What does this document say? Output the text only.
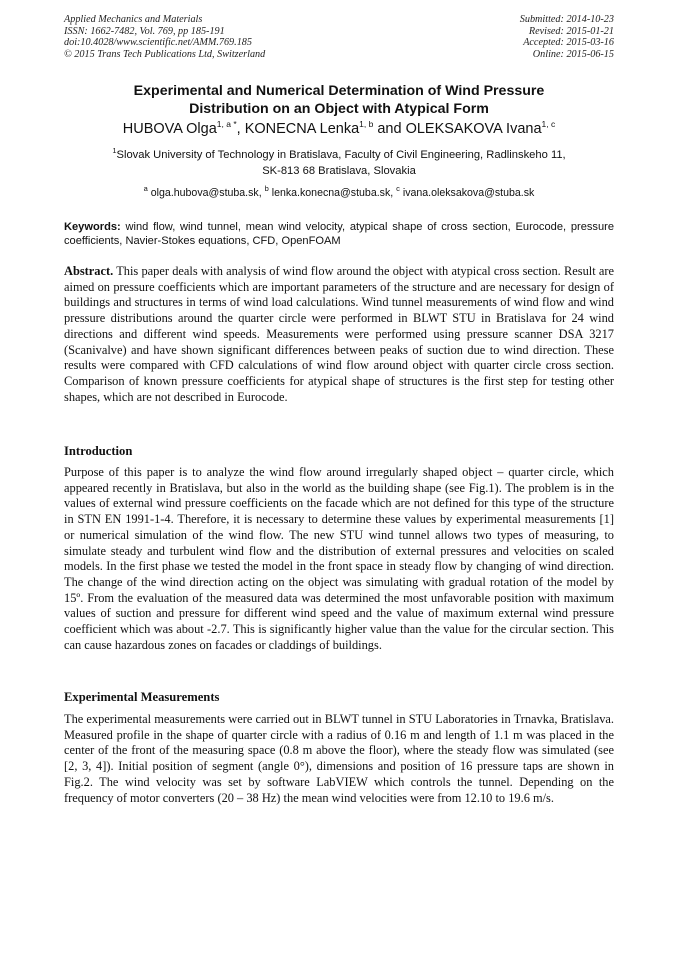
Applied Mechanics and Materials
ISSN: 1662-7482, Vol. 769, pp 185-191
doi:10.4028/www.scientific.net/AMM.769.185
© 2015 Trans Tech Publications Ltd, Switzerland
Submitted: 2014-10-23
Revised: 2015-01-21
Accepted: 2015-03-16
Online: 2015-06-15
Experimental and Numerical Determination of Wind Pressure
Distribution on an Object with Atypical Form
HUBOVA Olga$^{1, a *}$, KONECNA Lenka$^{1, b}$ and OLEKSAKOVA Ivana$^{1, c}$
$^1$Slovak University of Technology in Bratislava, Faculty of Civil Engineering, Radlinskeho 11,
SK-813 68 Bratislava, Slovakia
$^a$ olga.hubova@stuba.sk, $^b$ lenka.konecna@stuba.sk, $^c$ ivana.oleksakova@stuba.sk
Keywords: wind flow, wind tunnel, mean wind velocity, atypical shape of cross section, Eurocode, pressure coefficients, Navier-Stokes equations, CFD, OpenFOAM
Abstract. This paper deals with analysis of wind flow around the object with atypical cross section. Result are aimed on pressure coefficients which are important parameters of the structure and are necessary for design of buildings and structures in terms of wind load calculations. Wind tunnel measurements of wind flow and wind pressure distributions around the quarter circle were performed in BLWT STU in Bratislava for 24 wind directions and different wind speeds. Measurements were performed using pressure scanner DSA 3217 (Scanivalve) and have shown significant differences between peaks of suction due to wind direction. These results were compared with CFD calculations of wind flow around object with quarter circle cross section. Comparison of known pressure coefficients for atypical shape of structures is the first step for testing other shapes, which are not described in Eurocode.
Introduction
Purpose of this paper is to analyze the wind flow around irregularly shaped object – quarter circle, which appeared recently in Bratislava, but also in the world as the building shape (see Fig.1). The problem is in the values of external wind pressure coefficients on the facade which are not defined for this type of the structure in STN EN 1991-1-4. Therefore, it is necessary to determine these values by experimental measurements [1] or numerical simulation of the wind flow. The new STU wind tunnel allows two types of measuring, to simulate steady and turbulent wind flow and the distribution of external pressures and velocities on scaled models. In the first phase we tested the model in the front space in steady flow by changing of wind direction. The change of the wind direction acting on the object was simulating with gradual rotation of the model by 15º. From the evaluation of the measured data was determined the most unfavorable position with maximum values of suction and pressure for different wind speed and the value of maximum external wind pressure coefficient which was about -2.7. This is significantly higher value than the value for the circular section. This can cause hazardous zones on facades or claddings of buildings.
Experimental Measurements
The experimental measurements were carried out in BLWT tunnel in STU Laboratories in Trnavka, Bratislava. Measured profile in the shape of quarter circle with a radius of 0.16 m and length of 1.1 m was placed in the center of the front of the measuring space (0.8 m above the floor), where the steady flow was simulated (see [2, 3, 4]). Initial position of segment (angle 0°), dimensions and position of 16 pressure taps are shown in Fig.2. The wind velocity was set by software LabVIEW which controls the tunnel. Depending on the frequency of motor converters (20 – 38 Hz) the mean wind velocities were from 12.10 to 19.6 m/s.
